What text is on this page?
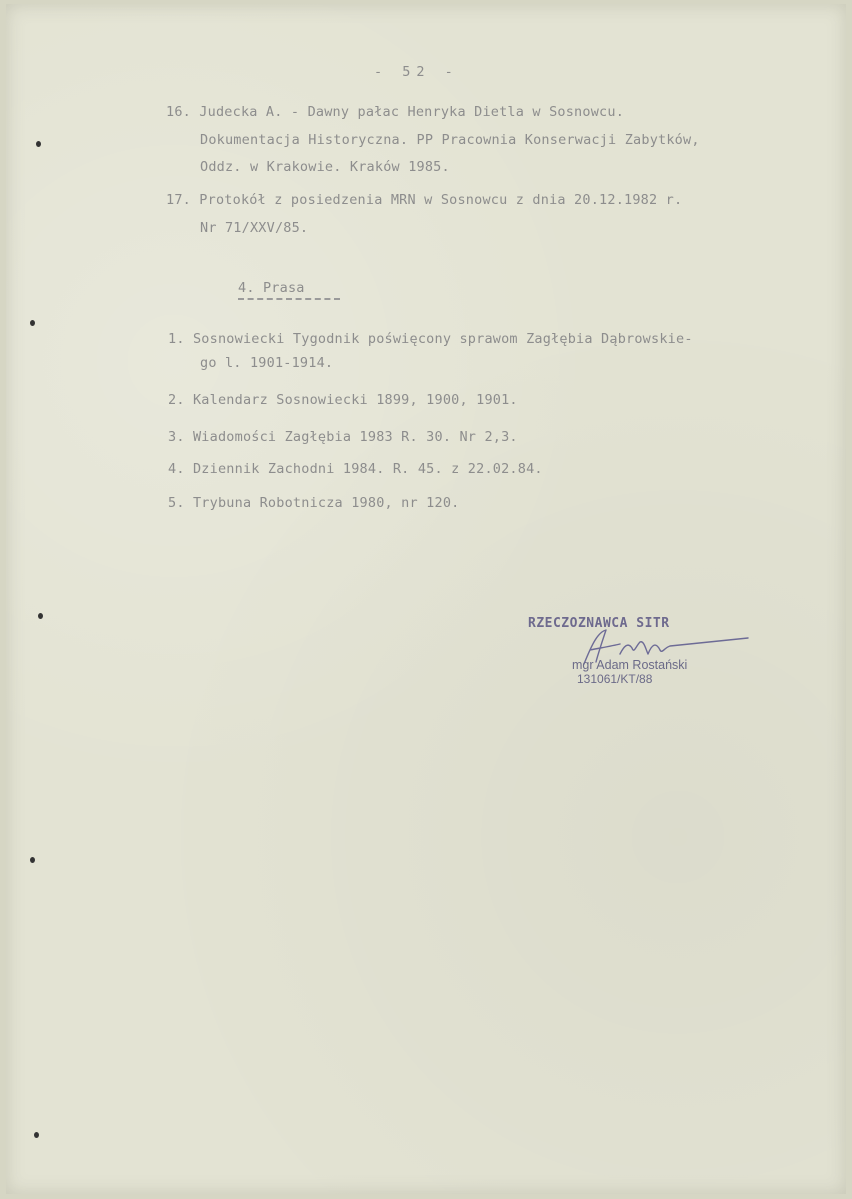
- 52 -
16. Judecka A. - Dawny pałac Henryka Dietla w Sosnowcu.
Dokumentacja Historyczna. PP Pracownia Konserwacji Zabytków,
Oddz. w Krakowie. Kraków 1985.
17. Protokół z posiedzenia MRN w Sosnowcu z dnia 20.12.1982 r.
Nr 71/XXV/85.
4. Prasa
1. Sosnowiecki Tygodnik poświęcony sprawom Zagłębia Dąbrowskie-
go l. 1901-1914.
2. Kalendarz Sosnowiecki 1899, 1900, 1901.
3. Wiadomości Zagłębia 1983 R. 30. Nr 2,3.
4. Dziennik Zachodni 1984. R. 45. z 22.02.84.
5. Trybuna Robotnicza 1980, nr 120.
RZECZOZNAWCA SITR
mgr Adam Rostański
131061/KT/88
